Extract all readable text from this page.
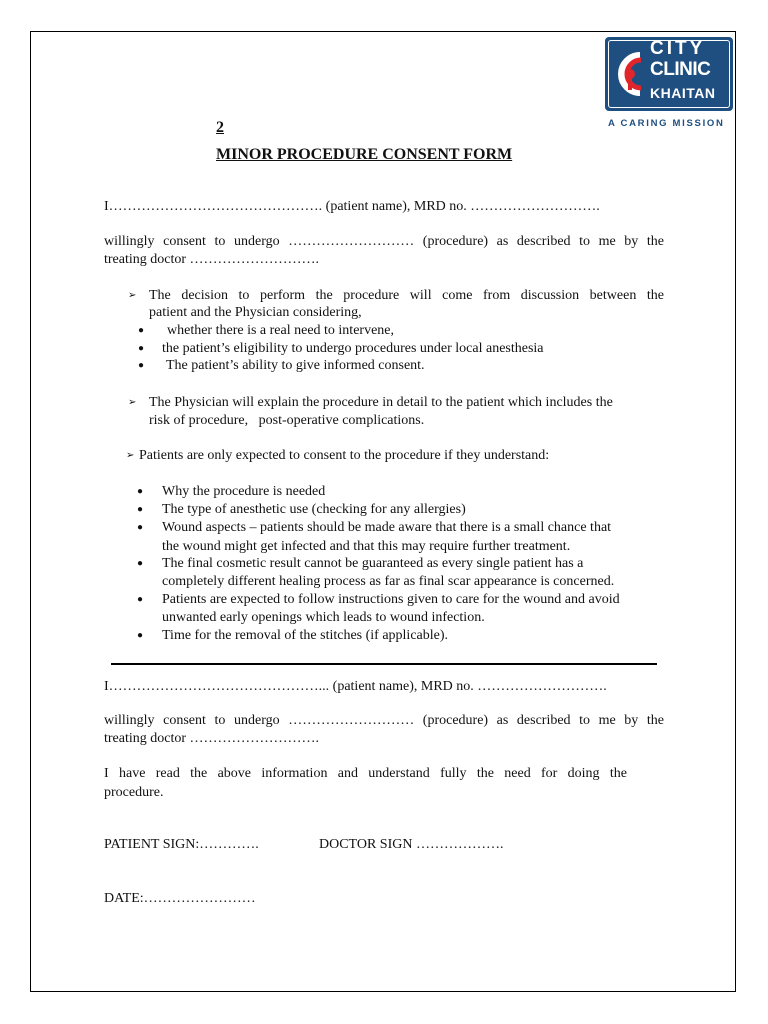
CITY
CLINIC
KHAITAN
A CARING MISSION
2
MINOR PROCEDURE CONSENT FORM
I………………………………………. (patient name), MRD no. ……………………….
willingly consent to undergo ……………………… (procedure) as described to me by the
treating doctor ……………………….
➢ The decision to perform the procedure will come from discussion between the
patient and the Physician considering,
● whether there is a real need to intervene,
● the patient’s eligibility to undergo procedures under local anesthesia
● The patient’s ability to give informed consent.
➢ The Physician will explain the procedure in detail to the patient which includes the
risk of procedure,   post-operative complications.
➢ Patients are only expected to consent to the procedure if they understand:
● Why the procedure is needed
● The type of anesthetic use (checking for any allergies)
● Wound aspects – patients should be made aware that there is a small chance that
the wound might get infected and that this may require further treatment.
● The final cosmetic result cannot be guaranteed as every single patient has a
completely different healing process as far as final scar appearance is concerned.
● Patients are expected to follow instructions given to care for the wound and avoid
unwanted early openings which leads to wound infection.
● Time for the removal of the stitches (if applicable).
I………………………………………... (patient name), MRD no. ……………………….
willingly consent to undergo ……………………… (procedure) as described to me by the
treating doctor ……………………….
I have read the above information and understand fully the need for doing the
procedure.
PATIENT SIGN:………….	DOCTOR SIGN ……………….
DATE:……………………
